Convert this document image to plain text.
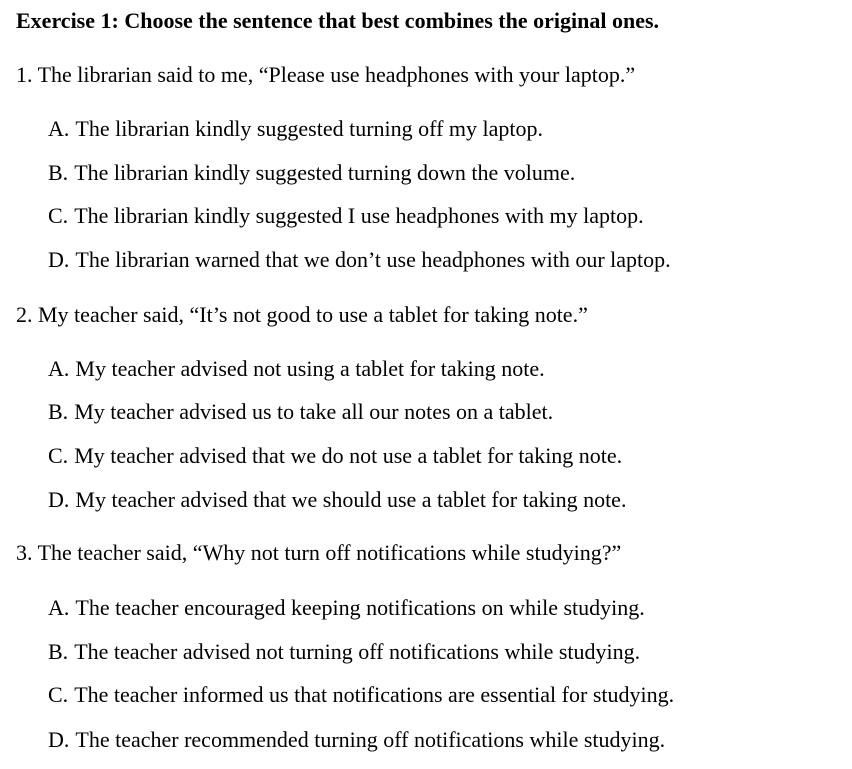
Exercise 1: Choose the sentence that best combines the original ones.
1. The librarian said to me, “Please use headphones with your laptop.”
A. The librarian kindly suggested turning off my laptop.
B. The librarian kindly suggested turning down the volume.
C. The librarian kindly suggested I use headphones with my laptop.
D. The librarian warned that we don’t use headphones with our laptop.
2. My teacher said, “It’s not good to use a tablet for taking note.”
A. My teacher advised not using a tablet for taking note.
B. My teacher advised us to take all our notes on a tablet.
C. My teacher advised that we do not use a tablet for taking note.
D. My teacher advised that we should use a tablet for taking note.
3. The teacher said, “Why not turn off notifications while studying?”
A. The teacher encouraged keeping notifications on while studying.
B. The teacher advised not turning off notifications while studying.
C. The teacher informed us that notifications are essential for studying.
D. The teacher recommended turning off notifications while studying.
